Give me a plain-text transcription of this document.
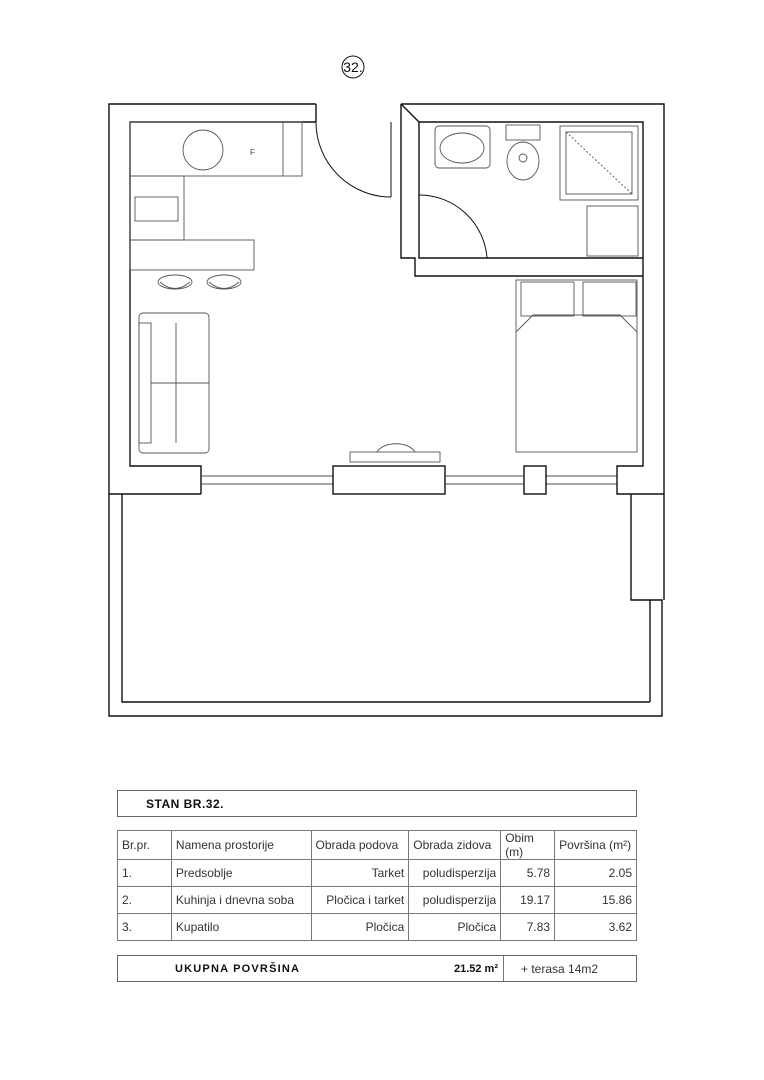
32.
F
STAN BR.32.
Br.pr.	Namena prostorije	Obrada podova	Obrada zidova	Obim (m)	Površina (m²)
1.	Predsoblje	Tarket	poludisperzija	5.78	2.05
2.	Kuhinja i dnevna soba	Pločica i tarket	poludisperzija	19.17	15.86
3.	Kupatilo	Pločica	Pločica	7.83	3.62
UKUPNA POVRŠINA	21.52 m² + terasa 14m2
